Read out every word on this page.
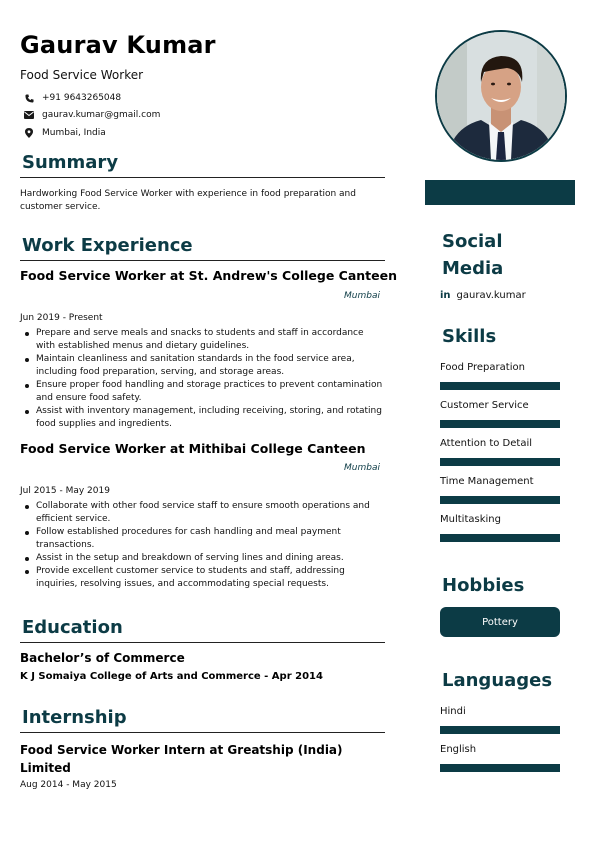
Gaurav Kumar
Food Service Worker
+91 9643265048
gaurav.kumar@gmail.com
Mumbai, India
Summary
Hardworking Food Service Worker with experience in food preparation and customer service.
Work Experience
Food Service Worker at St. Andrew's College Canteen
Mumbai
Jun 2019 - Present
Prepare and serve meals and snacks to students and staff in accordance with established menus and dietary guidelines.
Maintain cleanliness and sanitation standards in the food service area, including food preparation, serving, and storage areas.
Ensure proper food handling and storage practices to prevent contamination and ensure food safety.
Assist with inventory management, including receiving, storing, and rotating food supplies and ingredients.
Food Service Worker at Mithibai College Canteen
Mumbai
Jul 2015 - May 2019
Collaborate with other food service staff to ensure smooth operations and efficient service.
Follow established procedures for cash handling and meal payment transactions.
Assist in the setup and breakdown of serving lines and dining areas.
Provide excellent customer service to students and staff, addressing inquiries, resolving issues, and accommodating special requests.
Education
Bachelor’s of Commerce
K J Somaiya College of Arts and Commerce - Apr 2014
Internship
Food Service Worker Intern at Greatship (India) Limited
Aug 2014 - May 2015
Social Media
in gaurav.kumar
Skills
Food Preparation
Customer Service
Attention to Detail
Time Management
Multitasking
Hobbies
Pottery
Languages
Hindi
English
